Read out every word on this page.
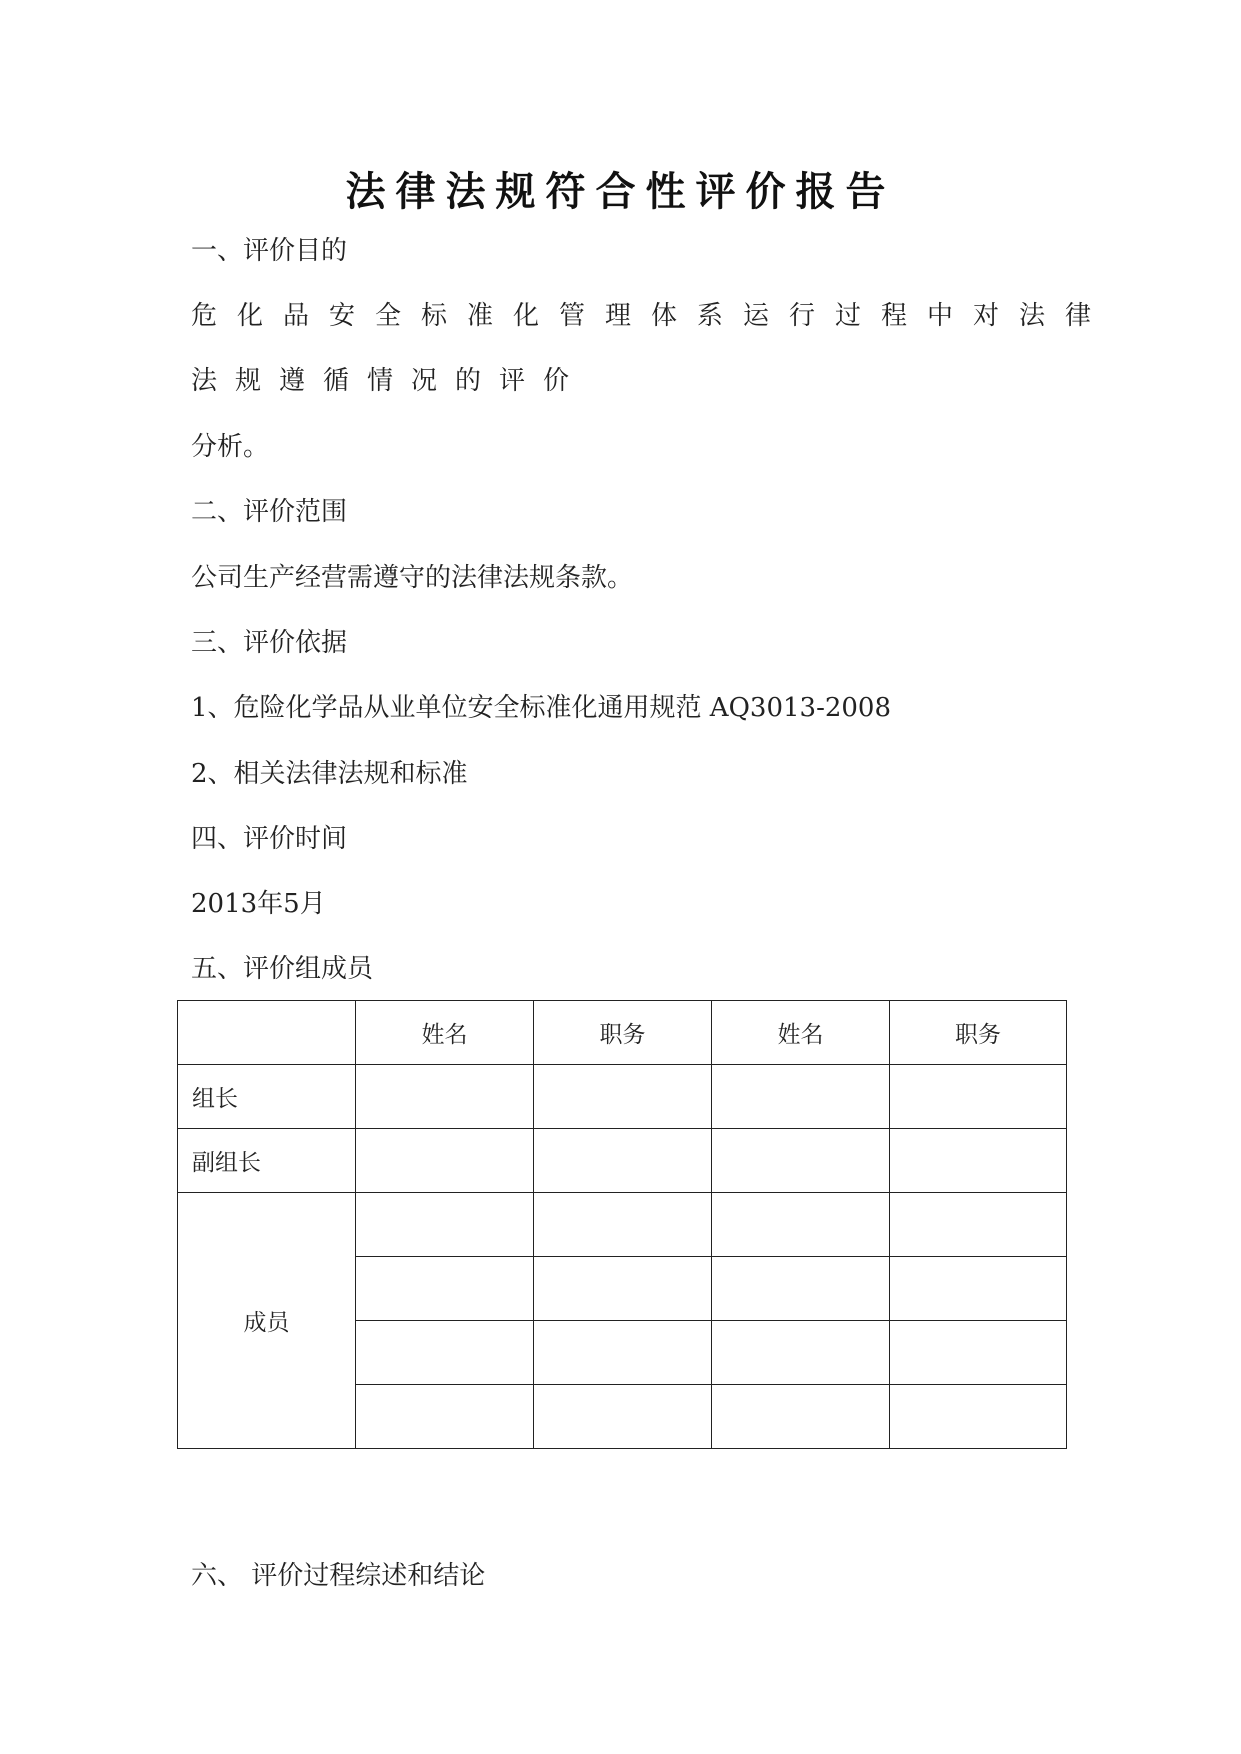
法律法规符合性评价报告
一、评价目的
危化品安全标准化管理体系运行过程中对法律
法规遵循情况的评价
分析。
二、评价范围
公司生产经营需遵守的法律法规条款。
三、评价依据
1、危险化学品从业单位安全标准化通用规范 AQ3013-2008
2、相关法律法规和标准
四、评价时间
2013年5月
五、评价组成员
	姓名	职务	姓名	职务
组长				
副组长				
成员				

六、 评价过程综述和结论
